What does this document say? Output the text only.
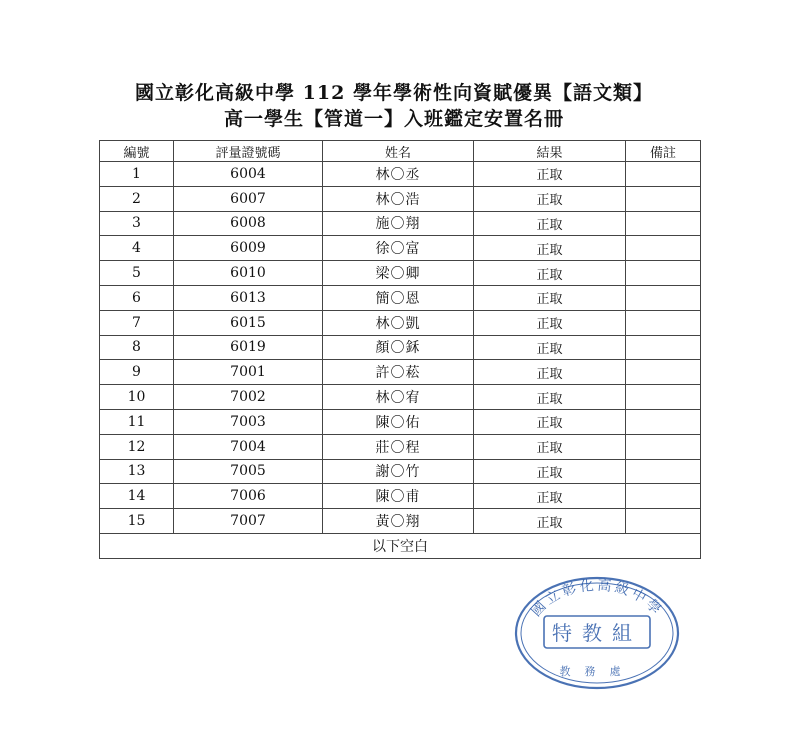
國立彰化高級中學 112 學年學術性向資賦優異【語文類】
高一學生【管道一】入班鑑定安置名冊
編號	評量證號碼	姓名	結果	備註
1	6004	林〇丞	正取	
2	6007	林〇浩	正取	
3	6008	施〇翔	正取	
4	6009	徐〇富	正取	
5	6010	梁〇卿	正取	
6	6013	簡〇恩	正取	
7	6015	林〇凱	正取	
8	6019	顏〇鉌	正取	
9	7001	許〇菘	正取	
10	7002	林〇宥	正取	
11	7003	陳〇佑	正取	
12	7004	莊〇程	正取	
13	7005	謝〇竹	正取	
14	7006	陳〇甫	正取	
15	7007	黃〇翔	正取	
以下空白				
國立彰化高級中學
特教組
教務處
